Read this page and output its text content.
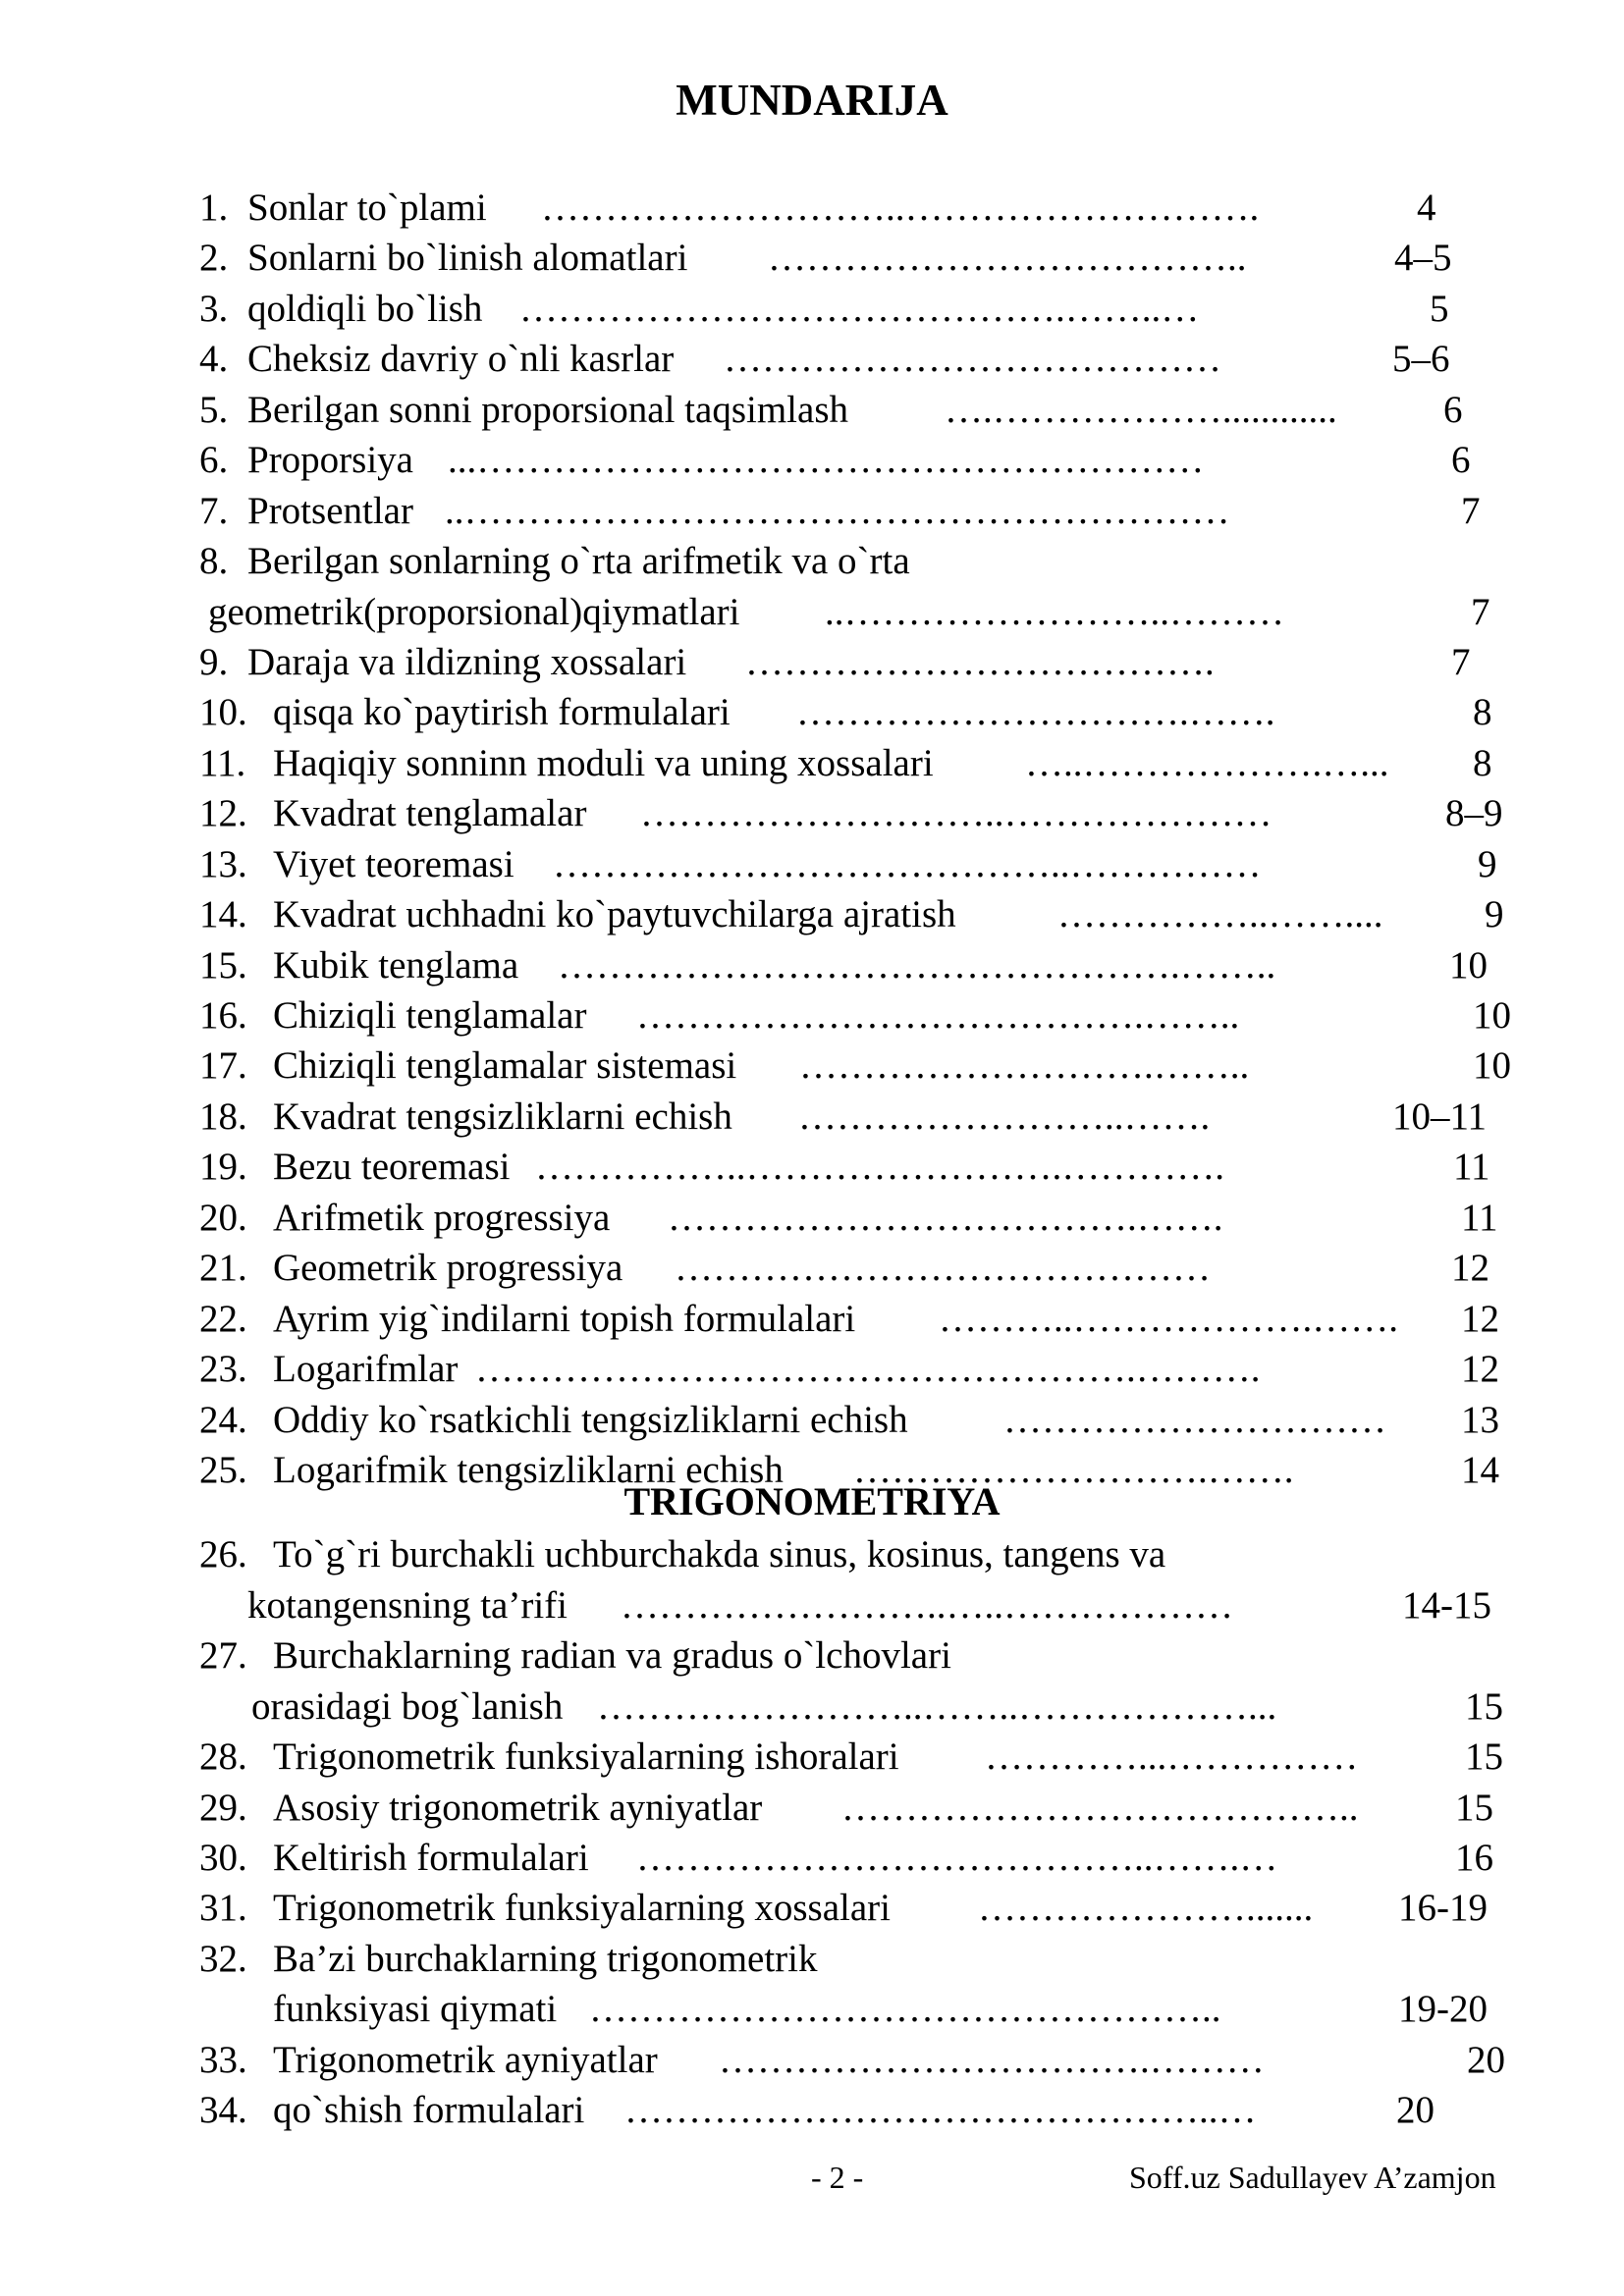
MUNDARIJA
1. Sonlar to`plami ………………………..……………………….	4
2. Sonlarni bo`linish alomatlari ………………………………..	4–5
3. qoldiqli bo`lish …………………………………….……..…	5
4. Cheksiz davriy o`nli kasrlar …………………………………	5–6
5. Berilgan sonni proporsional taqsimlash	….………………............	6
6. Proporsiya ...…………………………………………………	6
7. Protsentlar ..……………………………………………………	7
8. Berilgan sonlarning o`rta arifmetik va o`rta
geometrik(proporsional)qiymatlari ..……………………..………	7
9. Daraja va ildizning xossalari ……………………………….	7
10. qisqa ko`paytirish formulalari ………………………….…….	8
11. Haqiqiy sonninn moduli va uning xossalari …..……………….…...	8
12. Kvadrat tenglamalar ………………………..…………………	8–9
13. Viyet teoremasi …………………………………..……………	9
14. Kvadrat uchhadni ko`paytuvchilarga ajratish	……………..……....	9
15. Kubik tenglama ………………………………………….……..	10
16. Chiziqli tenglamalar ………………………………….……..	10
17. Chiziqli tenglamalar sistemasi ……………………….……..	10
18. Kvadrat tengsizliklarni echish ……………………..…….	10–11
19. Bezu teoremasi ……………..…………………….………….	11
20. Arifmetik progressiya ……………………………….…….	11
21. Geometrik progressiya ……………………………………	12
22. Ayrim yig`indilarni topish formulalari ………..……………….…….	12
23. Logarifmlar …………………………………………….……….	12
24. Oddiy ko`rsatkichli tengsizliklarni echish …………………………	13
25. Logarifmik tengsizliklarni echish ……………………….…….	14
26. To`g`ri burchakli uchburchakda sinus, kosinus, tangens va
kotangensning ta’rifi ……………………..…..………………	14-15
27. Burchaklarning radian va gradus o`lchovlari
orasidagi bog`lanish ……………………..……..………………...	15
28. Trigonometrik funksiyalarning ishoralari …………...……………	15
29. Asosiy trigonometrik ayniyatlar …………………………………..	15
30. Keltirish formulalari …………………………………..…….…	16
31. Trigonometrik funksiyalarning xossalari ………………….......	16-19
32. Ba’zi burchaklarning trigonometrik
funksiyasi qiymati …………………………………………..	19-20
33. Trigonometrik ayniyatlar …………………………….………	20
34. qo`shish formulalari ………………………………………..…	20
TRIGONOMETRIYA
- 2 -	Soff.uz Sadullayev A’zamjon
